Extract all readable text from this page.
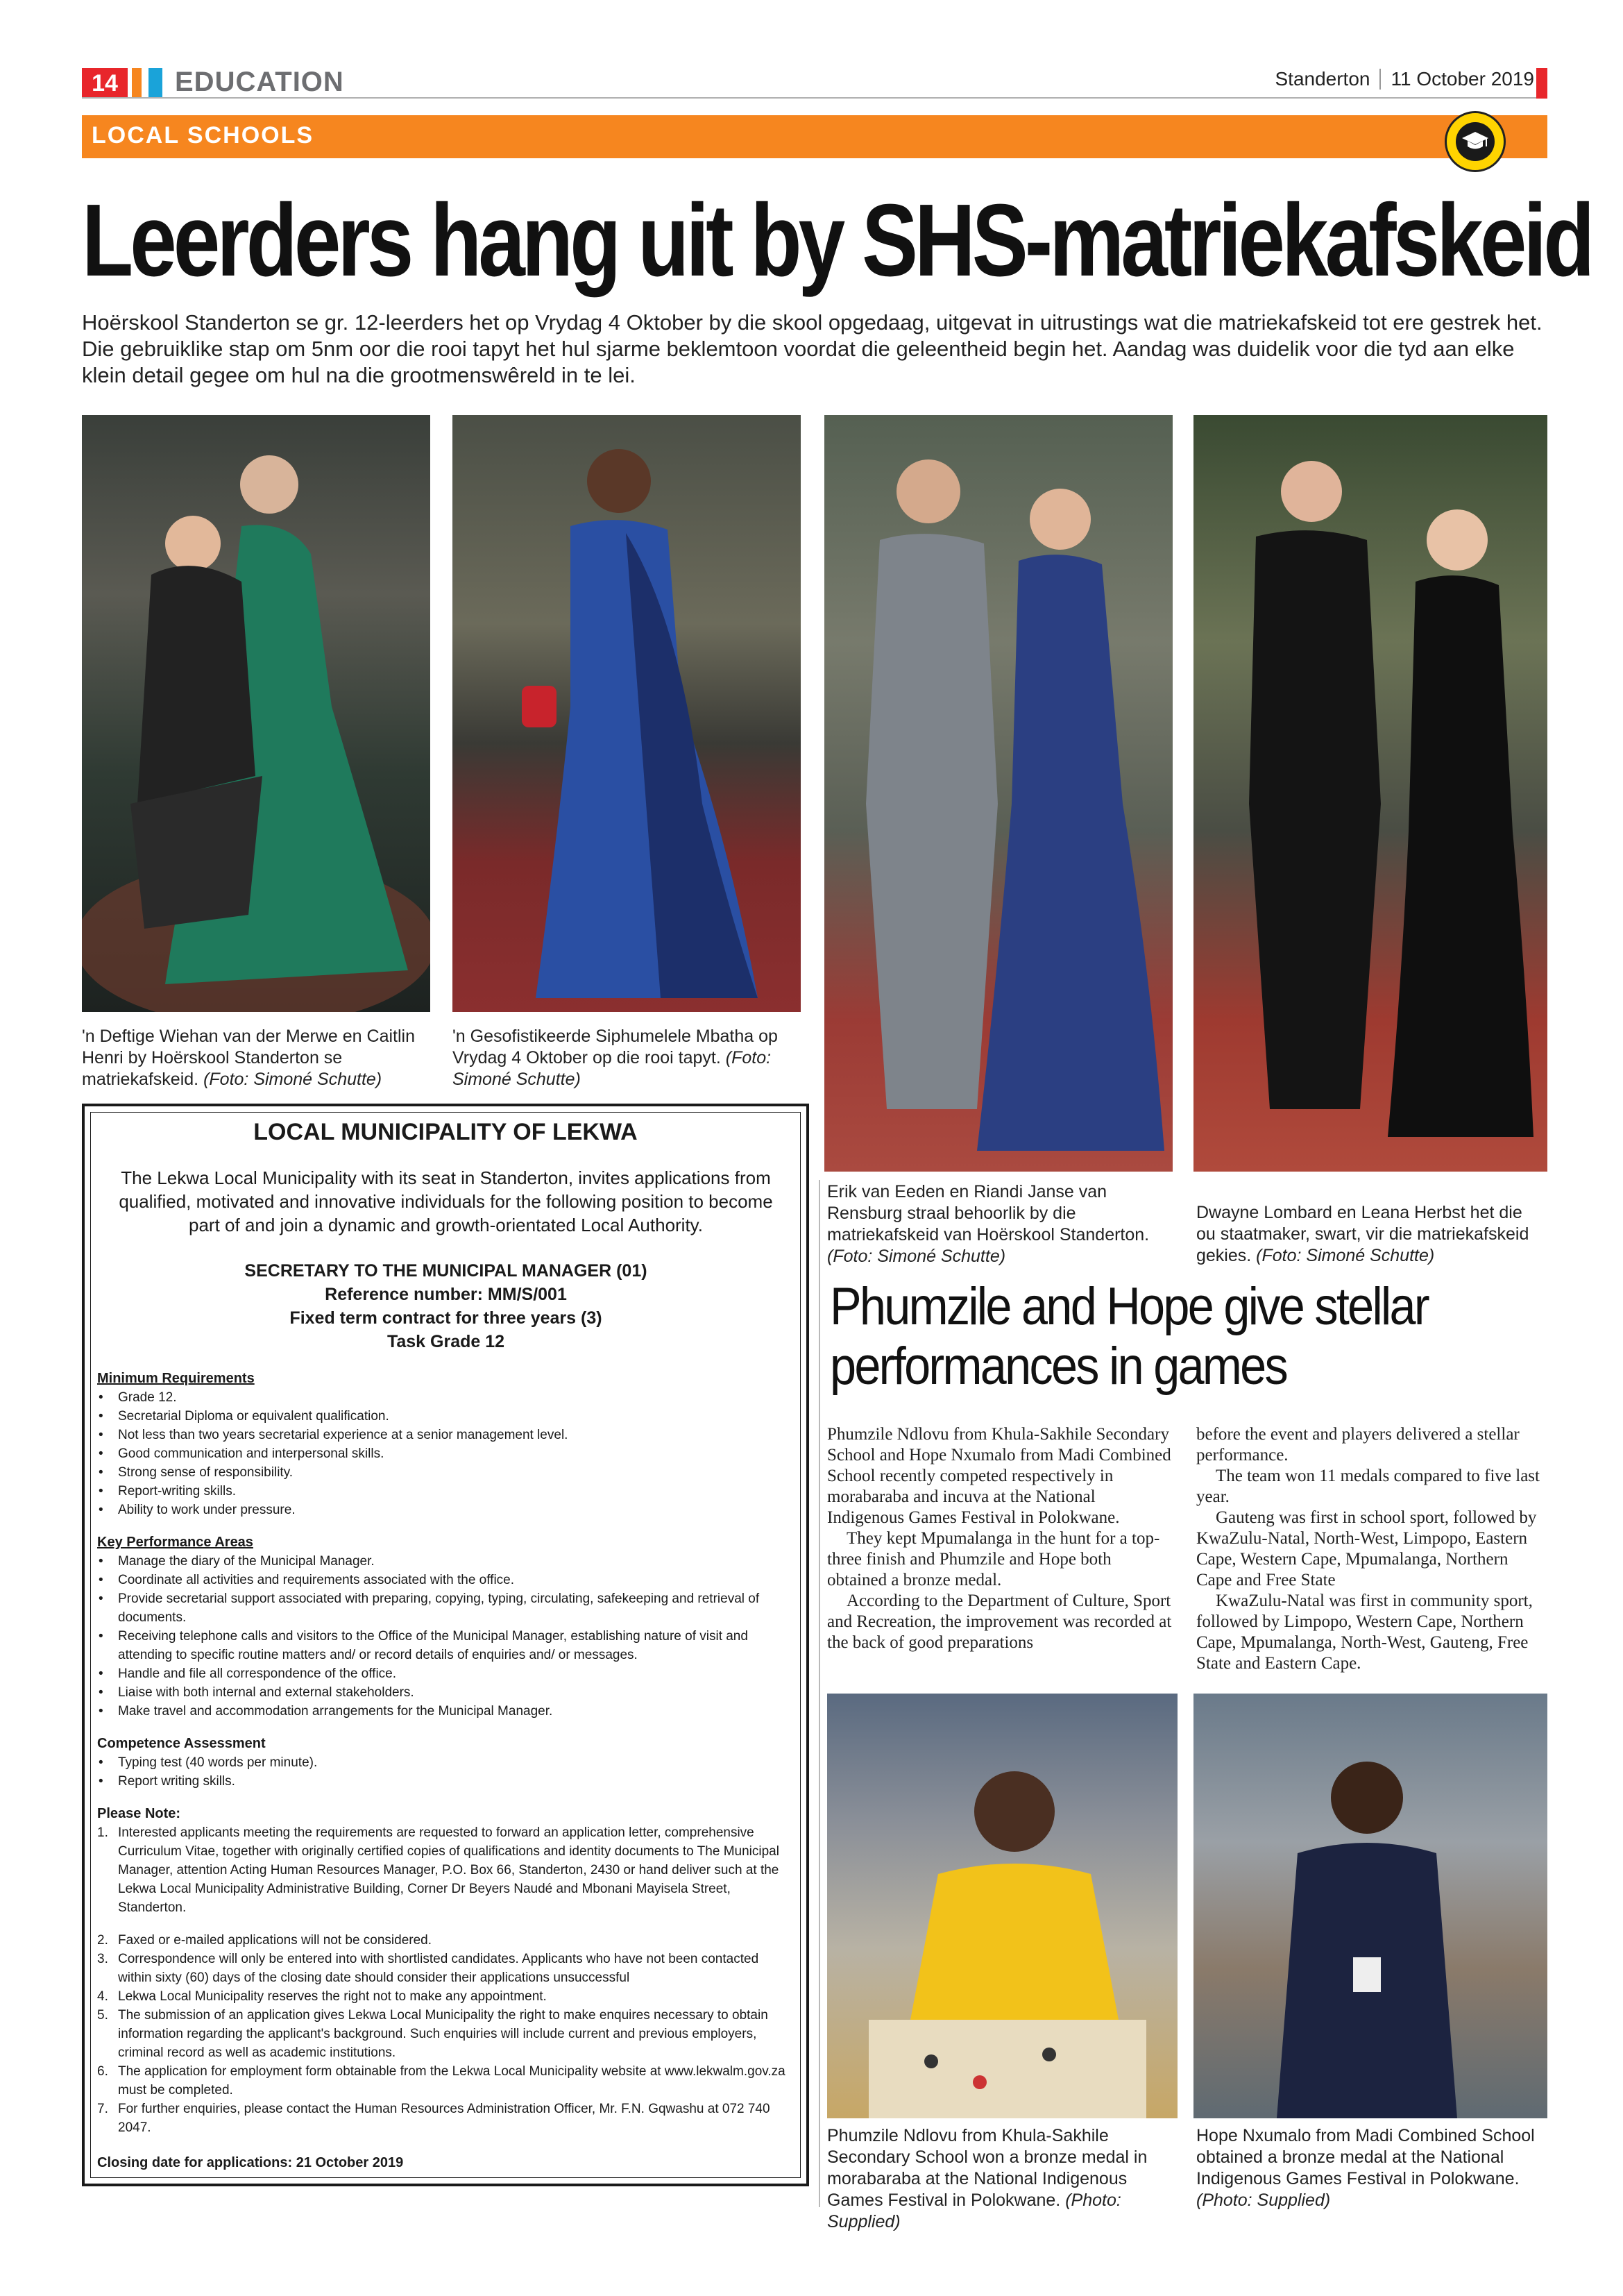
14	EDUCATION	Standerton 11 October 2019
LOCAL SCHOOLS
Leerders hang uit by SHS-matriekafskeid
Hoërskool Standerton se gr. 12-leerders het op Vrydag 4 Oktober by die skool opgedaag, uitgevat in uitrustings wat die matriekafskeid tot ere gestrek het. Die gebruiklike stap om 5nm oor die rooi tapyt het hul sjarme beklemtoon voordat die geleentheid begin het. Aandag was duidelik voor die tyd aan elke klein detail gegee om hul na die grootmenswêreld in te lei.
'n Deftige Wiehan van der Merwe en Caitlin Henri by Hoërskool Standerton se matriekafskeid. (Foto: Simoné Schutte)
'n Gesofistikeerde Siphumelele Mbatha op Vrydag 4 Oktober op die rooi tapyt. (Foto: Simoné Schutte)
Erik van Eeden en Riandi Janse van Rensburg straal behoorlik by die matriekafskeid van Hoërskool Standerton. (Foto: Simoné Schutte)
Dwayne Lombard en Leana Herbst het die ou staatmaker, swart, vir die matriekafskeid gekies. (Foto: Simoné Schutte)
LOCAL MUNICIPALITY OF LEKWA
The Lekwa Local Municipality with its seat in Standerton, invites applications from qualified, motivated and innovative individuals for the following position to become part of and join a dynamic and growth-orientated Local Authority.
SECRETARY TO THE MUNICIPAL MANAGER (01)
Reference number: MM/S/001
Fixed term contract for three years (3)
Task Grade 12
Minimum Requirements
• Grade 12.
• Secretarial Diploma or equivalent qualification.
• Not less than two years secretarial experience at a senior management level.
• Good communication and interpersonal skills.
• Strong sense of responsibility.
• Report-writing skills.
• Ability to work under pressure.
Key Performance Areas
• Manage the diary of the Municipal Manager.
• Coordinate all activities and requirements associated with the office.
• Provide secretarial support associated with preparing, copying, typing, circulating, safekeeping and retrieval of documents.
• Receiving telephone calls and visitors to the Office of the Municipal Manager, establishing nature of visit and attending to specific routine matters and/ or record details of enquiries and/ or messages.
• Handle and file all correspondence of the office.
• Liaise with both internal and external stakeholders.
• Make travel and accommodation arrangements for the Municipal Manager.
Competence Assessment
• Typing test (40 words per minute).
• Report writing skills.
Please Note:
1. Interested applicants meeting the requirements are requested to forward an application letter, comprehensive Curriculum Vitae, together with originally certified copies of qualifications and identity documents to The Municipal Manager, attention Acting Human Resources Manager, P.O. Box 66, Standerton, 2430 or hand deliver such at the Lekwa Local Municipality Administrative Building, Corner Dr Beyers Naudé and Mbonani Mayisela Street, Standerton.
2. Faxed or e-mailed applications will not be considered.
3. Correspondence will only be entered into with shortlisted candidates. Applicants who have not been contacted within sixty (60) days of the closing date should consider their applications unsuccessful
4. Lekwa Local Municipality reserves the right not to make any appointment.
5. The submission of an application gives Lekwa Local Municipality the right to make enquires necessary to obtain information regarding the applicant's background. Such enquiries will include current and previous employers, criminal record as well as academic institutions.
6. The application for employment form obtainable from the Lekwa Local Municipality website at www.lekwalm.gov.za must be completed.
7. For further enquiries, please contact the Human Resources Administration Officer, Mr. F.N. Gqwashu at 072 740 2047.
Closing date for applications: 21 October 2019
Phumzile and Hope give stellar performances in games

Phumzile Ndlovu from Khula-Sakhile Secondary School and Hope Nxumalo from Madi Combined School recently competed respectively in morabaraba and incuva at the National Indigenous Games Festival in Polokwane.

They kept Mpumalanga in the hunt for a top-three finish and Phumzile and Hope both obtained a bronze medal.

According to the Department of Culture, Sport and Recreation, the improvement was recorded at the back of good preparations

before the event and players delivered a stellar performance.

The team won 11 medals compared to five last year.

Gauteng was first in school sport, followed by KwaZulu-Natal, North-West, Limpopo, Eastern Cape, Western Cape, Mpumalanga, Northern Cape and Free State

KwaZulu-Natal was first in community sport, followed by Limpopo, Western Cape, Northern Cape, Mpumalanga, North-West, Gauteng, Free State and Eastern Cape.

Phumzile Ndlovu from Khula-Sakhile Secondary School won a bronze medal in morabaraba at the National Indigenous Games Festival in Polokwane. (Photo: Supplied)
Hope Nxumalo from Madi Combined School obtained a bronze medal at the National Indigenous Games Festival in Polokwane. (Photo: Supplied)
